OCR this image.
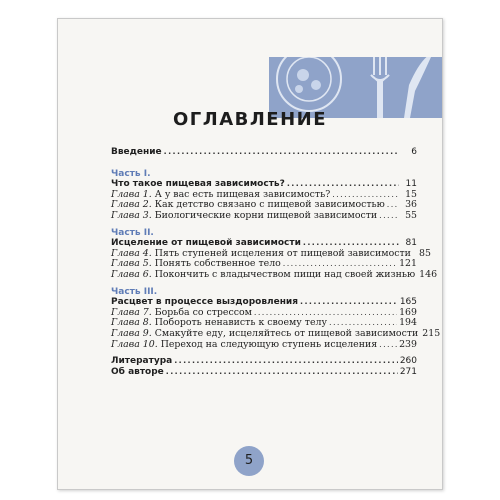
ОГЛАВЛЕНИЕ
Введение .....	6
Часть I.
Что такое пищевая зависимость? .....	11
Глава 1. А у вас есть пищевая зависимость? .....	15
Глава 2. Как детство связано с пищевой зависимостью .....	36
Глава 3. Биологические корни пищевой зависимости .....	55
Часть II.
Исцеление от пищевой зависимости .....	81
Глава 4. Пять ступеней исцеления от пищевой зависимости 85
Глава 5. Понять собственное тело .....	121
Глава 6. Покончить с владычеством пищи над своей жизнью 146
Часть III.
Расцвет в процессе выздоровления .....	165
Глава 7. Борьба со стрессом .....	169
Глава 8. Побороть ненависть к своему телу .....	194
Глава 9. Смакуйте еду, исцеляйтесь от пищевой зависимости 215
Глава 10. Переход на следующую ступень исцеления ..... 239
Литература .....	260
Об авторе .....	271
5
